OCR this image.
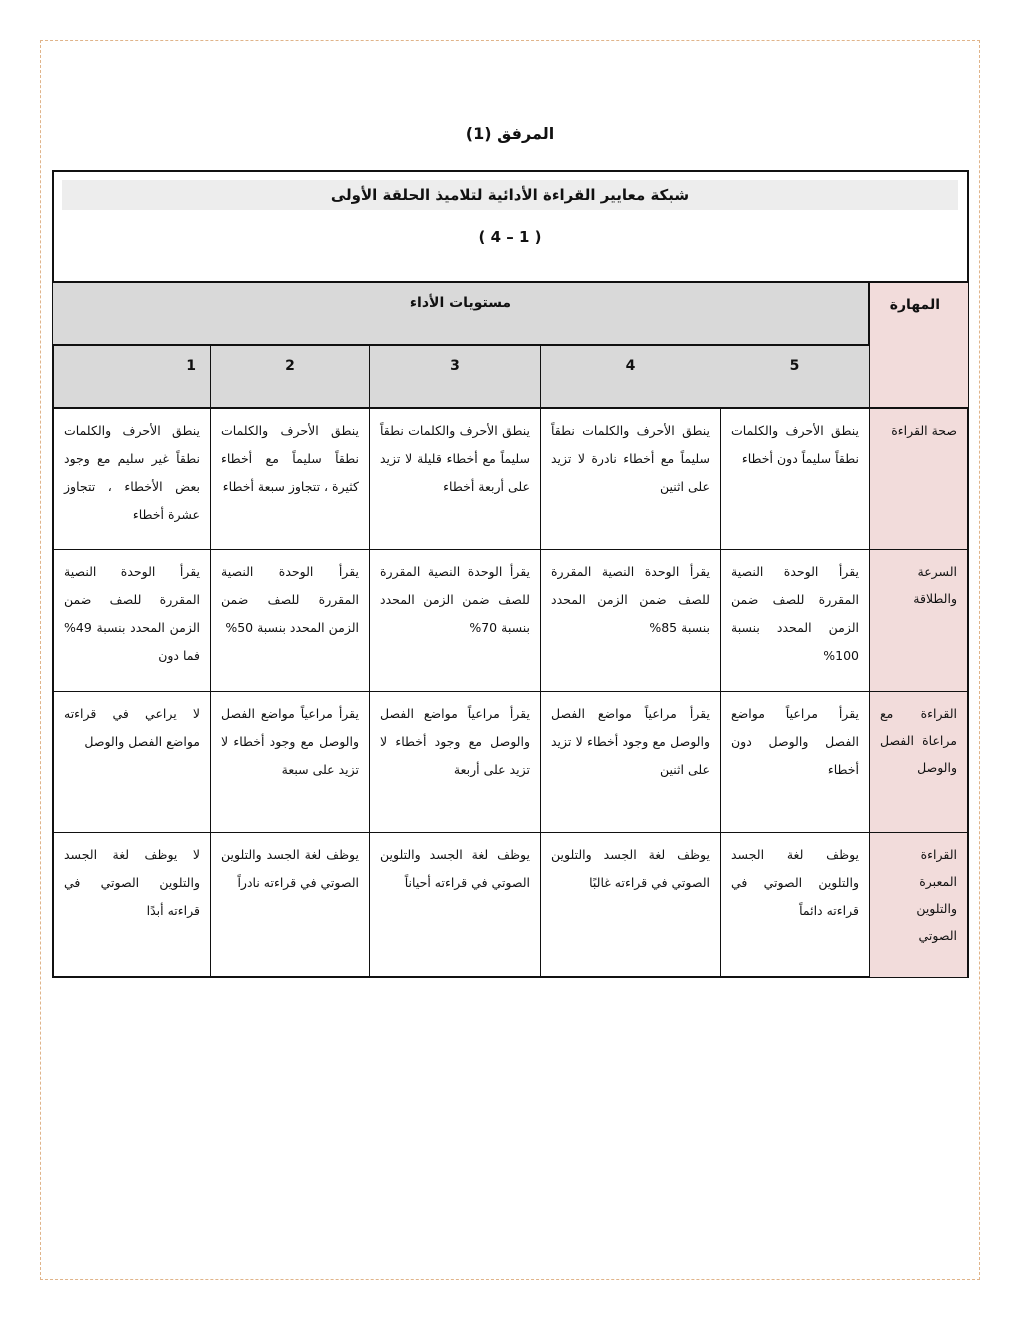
المرفق (1)
شبكة معايير القراءة الأدائية لتلاميذ الحلقة الأولى
( 4 – 1 )
المهارة
مستويات الأداء
5
4
3
2
1
صحة القراءة
ينطق الأحرف والكلمات نطقاً سليماً دون أخطاء
ينطق الأحرف والكلمات نطقاً سليماً مع أخطاء نادرة لا تزيد على اثنين
ينطق الأحرف والكلمات نطقاً سليماً مع أخطاء قليلة لا تزيد على أربعة أخطاء
ينطق الأحرف والكلمات نطقاً سليماً مع أخطاء كثيرة ، تتجاوز سبعة أخطاء
ينطق الأحرف والكلمات نطقاً غير سليم مع وجود بعض الأخطاء ، تتجاوز عشرة أخطاء
السرعة والطلاقة
يقرأ الوحدة النصية المقررة للصف ضمن الزمن المحدد بنسبة 100%
يقرأ الوحدة النصية المقررة للصف ضمن الزمن المحدد بنسبة 85%
يقرأ الوحدة النصية المقررة للصف ضمن الزمن المحدد بنسبة 70%
يقرأ الوحدة النصية المقررة للصف ضمن الزمن المحدد بنسبة 50%
يقرأ الوحدة النصية المقررة للصف ضمن الزمن المحدد بنسبة 49% فما دون
القراءة مع مراعاة الفصل والوصل
يقرأ مراعياً مواضع الفصل والوصل دون أخطاء
يقرأ مراعياً مواضع الفصل والوصل مع وجود أخطاء لا تزيد على اثنين
يقرأ مراعياً مواضع الفصل والوصل مع وجود أخطاء لا تزيد على أربعة
يقرأ مراعياً مواضع الفصل والوصل مع وجود أخطاء لا تزيد على سبعة
لا يراعي في قراءته مواضع الفصل والوصل
القراءة المعبرة والتلوين الصوتي
يوظف لغة الجسد والتلوين الصوتي في قراءته دائماً
يوظف لغة الجسد والتلوين الصوتي في قراءته غالبًا
يوظف لغة الجسد والتلوين الصوتي في قراءته أحياناً
يوظف لغة الجسد والتلوين الصوتي في قراءته نادراً
لا يوظف لغة الجسد والتلوين الصوتي في قراءته أبدًا
